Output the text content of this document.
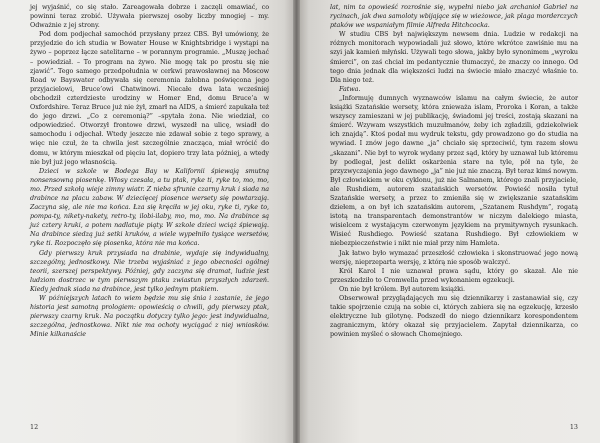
jej wyjaśnić, co się stało. Zareagowała dobrze i zaczęli omawiać, co powinni teraz zrobić. Używała pierwszej osoby liczby mnogiej – my. Odważnie z jej strony.

Pod dom podjechał samochód przysłany przez CBS. Był umówiony, że przyjedzie do ich studia w Bowater House w Knightsbridge i wystąpi na żywo – poprzez łącze satelitarne – w porannym programie. „Muszę jechać – powiedział. – To program na żywo. Nie mogę tak po prostu się nie zjawić”. Tego samego przedpołudnia w cerkwi prawosławnej na Moscow Road w Bayswater odbywała się ceremonia żałobna poświęcona jego przyjacielowi, Bruce’owi Chatwinowi. Niecałe dwa lata wcześniej obchodził czterdzieste urodziny w Homer End, domu Bruce’a w Oxfordshire. Teraz Bruce już nie żył, zmarł na AIDS, a śmierć zapukała też do jego drzwi. „Co z ceremonią?” –spytała żona. Nie wiedział, co odpowiedzieć. Otworzył frontowe drzwi, wyszedł na ulicę, wsiadł do samochodu i odjechał. Wtedy jeszcze nie zdawał sobie z tego sprawy, a więc nie czuł, że ta chwila jest szczególnie znacząca, miał wrócić do domu, w którym mieszkał od pięciu lat, dopiero trzy lata później, a wtedy nie był już jego własnością.

Dzieci w szkole w Bodega Bay w Kalifornii śpiewają smutną nonsensowną piosenkę. Włosy czesała, a tu ptak, ryke ti, ryke to, mo, mo, mo. Przed szkołą wieje zimny wiatr. Z nieba sfrunie czarny kruk i siada na drabince na placu zabaw. W dziecięcej piosence wersety się powtarzają. Zaczyna się, ale nie ma końca. Łza się kręciła w jej oku, ryke ti, ryke to, pompa-ty, nikety-nakety, retro-ty, ilobi-ilaby, mo, mo, mo. Na drabince są już cztery kruki, a potem nadlatuje piąty. W szkole dzieci wciąż śpiewają. Na drabince siedzą już setki kruków, a wiele wypełniło tysiące wersetów, ryke ti. Rozpoczęło się piosenka, która nie ma końca.

Gdy pierwszy kruk przysiada na drabinie, wydaje się indywidualny, szczególny, jednostkowy. Nie trzeba wyjaśniać z jego obecności ogólnej teorii, szerszej perspektywy. Później, gdy zaczyna się dramat, ludzie jest ludziom dostrzec w tym pierwszym ptaku zwiastun przyszłych zdarzeń. Kiedy jednak siada na drabince, jest tylko jednym ptakiem.

W późniejszych latach to wiem będzie mu się śnia i zastanie, że jego historia jest samotną prologiem: opowieścią o chwili, gdy pierwszy ptak, pierwszy czarny kruk. Na początku dotyczy tylko jego: jest indywidualna, szczególna, jednostkowa. Nikt nie ma ochoty wyciągać z niej wniosków. Minie kilkanaście

12

lat, nim ta opowieść rozrośnie się, wypełni niebo jak archanioł Gabriel na rycinach, jak dwa samoloty wbijające się w wieżowce, jak plaga morderczych ptaków we wspaniałym filmie Alfreda Hitchcocka.

W studiu CBS był największym newsem dnia. Ludzie w redakcji na różnych monitorach wypowiadali już słowo, które wkrótce zawiśnie mu na szyi jak kamień młyński. Używali tego słowa, jakby było synonimem „wyroku śmierci”, on zaś chciał im pedantycznie tłumaczyć, że znaczy co innego. Od tego dnia jednak dla większości ludzi na świecie miało znaczyć właśnie to. Dla niego też.

Fatwa.

„Informuję dumnych wyznawców islamu na całym świecie, że autor książki Szatańskie wersety, która znieważa islam, Proroka i Koran, a także wszyscy zamieszani w jej publikację, świadomi jej treści, zostają skazani na śmierć. Wzywam wszystkich muzułmanów, żeby ich zgładzili, gdziekolwiek ich znajdą”. Ktoś podał mu wydruk tekstu, gdy prowadzono go do studia na wywiad. I znów jego dawne „ja” chciało się sprzeciwić, tym razem słowu „skazani”. Nie był to wyrok wydany przez sąd, który by uznawał lub któremu by podlegał, jest delikt oskarżenia stare na tyle, pół na tyle, że przyzwyczajenia jego dawnego „ja” nie już nie znaczą. Był teraz kimś nowym. Był człowiekiem w oku cyklonu, już nie Salmanem, którego znali przyjaciele, ale Rushdiem, autorem szatańskich wersetów. Powieść nosiła tytuł Szatańskie wersety, a przez to zmieniła się w zwiększanie szatańskim dziełem, a on był ich szatańskim autorem, „Szatanem Rushdym”, rogatą istotą na transparentach demonstrantów w niczym dalekiego miasta, wisielcem z wystającym czerwonym językiem na prymitywnych rysunkach. Wisieć Rushdiego. Powieść szatana Rushdiego. Był człowiekiem w niebezpieczeństwie i nikt nie miał przy nim Hamleta.

Jak łatwo było wymazać przeszłość człowieka i skonstruować jego nową wersję, nieprzeparta wersję, z którą nie sposób walczyć.

Król Karol I nie uznawał prawa sądu, który go skazał. Ale nie przeszkodziło to Cromwella przed wykonaniem egzekucji.

On nie był królem. Był autorem książki.

Obserwował przyglądających mu się dziennikarzy i zastanawiał się, czy takie spojrzenie czują na sobie ci, których zabiera się na egzekucję, krzesło elektryczne lub gilotynę. Podszedł do niego dziennikarz korespondentem zagranicznym, który okazał się przyjacielem. Zapytał dziennikarza, co powinien myśleć o słowach Chomejniego.

13
